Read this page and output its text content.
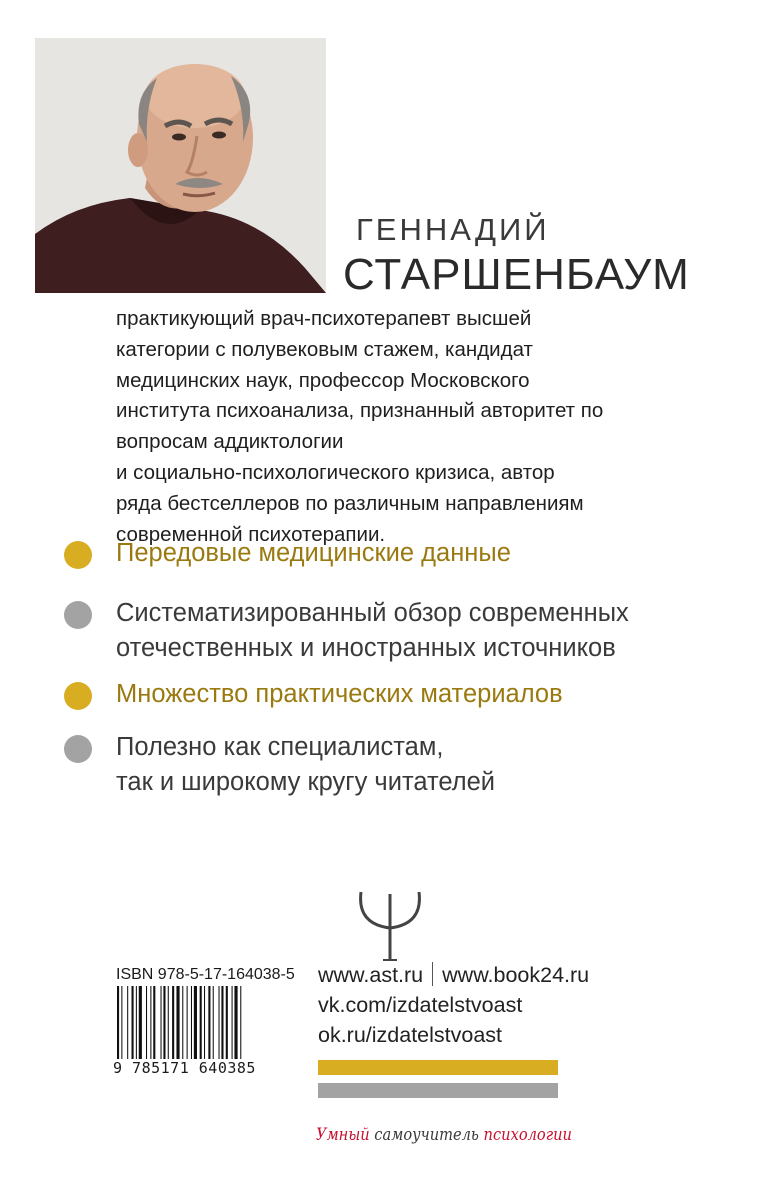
ГЕННАДИЙ
СТАРШЕНБАУМ
практикующий врач-психотерапевт высшей
категории с полувековым стажем, кандидат
медицинских наук, профессор Московского
института психоанализа, признанный авторитет по
вопросам аддиктологии
и социально-психологического кризиса, автор
ряда бестселлеров по различным направлениям
современной психотерапии.

Передовые медицинские данные

Систематизированный обзор современных
отечественных и иностранных источников

Множество практических материалов

Полезно как специалистам,
так и широкому кругу читателей

ISBN 978-5-17-164038-5
9 785171 640385
www.ast.ru www.book24.ru
vk.com/izdatelstvoast
ok.ru/izdatelstvoast
Умный самоучитель психологии
